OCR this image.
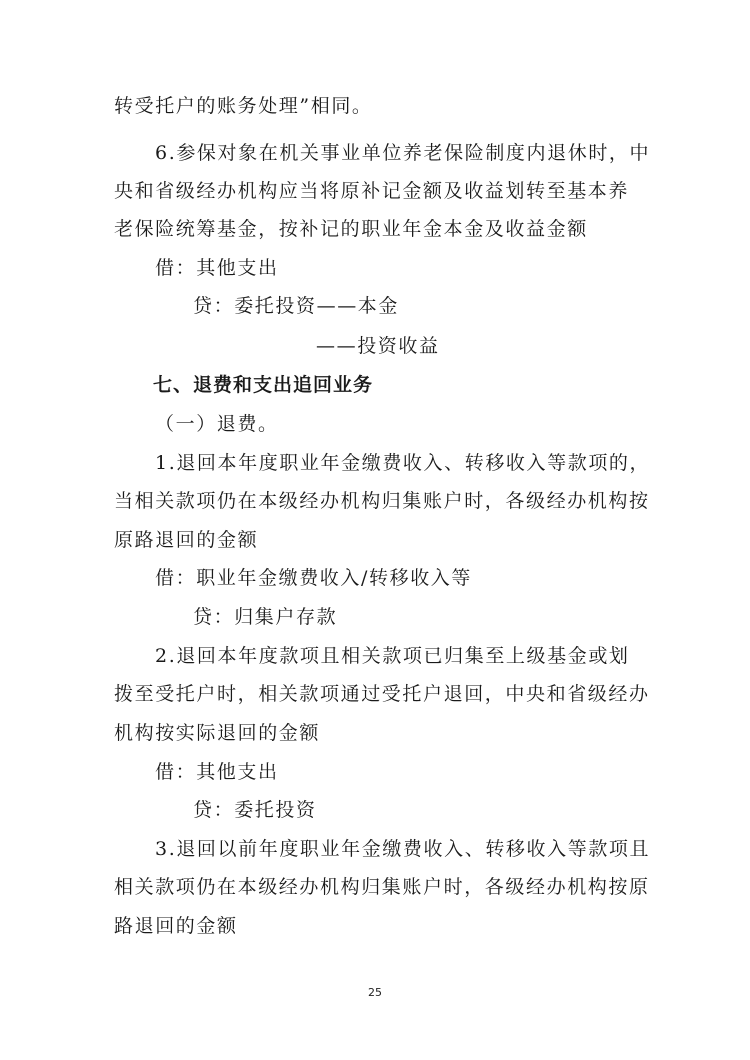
转受托户的账务处理”相同。
6.参保对象在机关事业单位养老保险制度内退休时，中
央和省级经办机构应当将原补记金额及收益划转至基本养
老保险统筹基金，按补记的职业年金本金及收益金额
借：其他支出
贷：委托投资——本金
——投资收益
七、退费和支出追回业务
（一）退费。
1.退回本年度职业年金缴费收入、转移收入等款项的，
当相关款项仍在本级经办机构归集账户时，各级经办机构按
原路退回的金额
借：职业年金缴费收入/转移收入等
贷：归集户存款
2.退回本年度款项且相关款项已归集至上级基金或划
拨至受托户时，相关款项通过受托户退回，中央和省级经办
机构按实际退回的金额
借：其他支出
贷：委托投资
3.退回以前年度职业年金缴费收入、转移收入等款项且
相关款项仍在本级经办机构归集账户时，各级经办机构按原
路退回的金额
25
